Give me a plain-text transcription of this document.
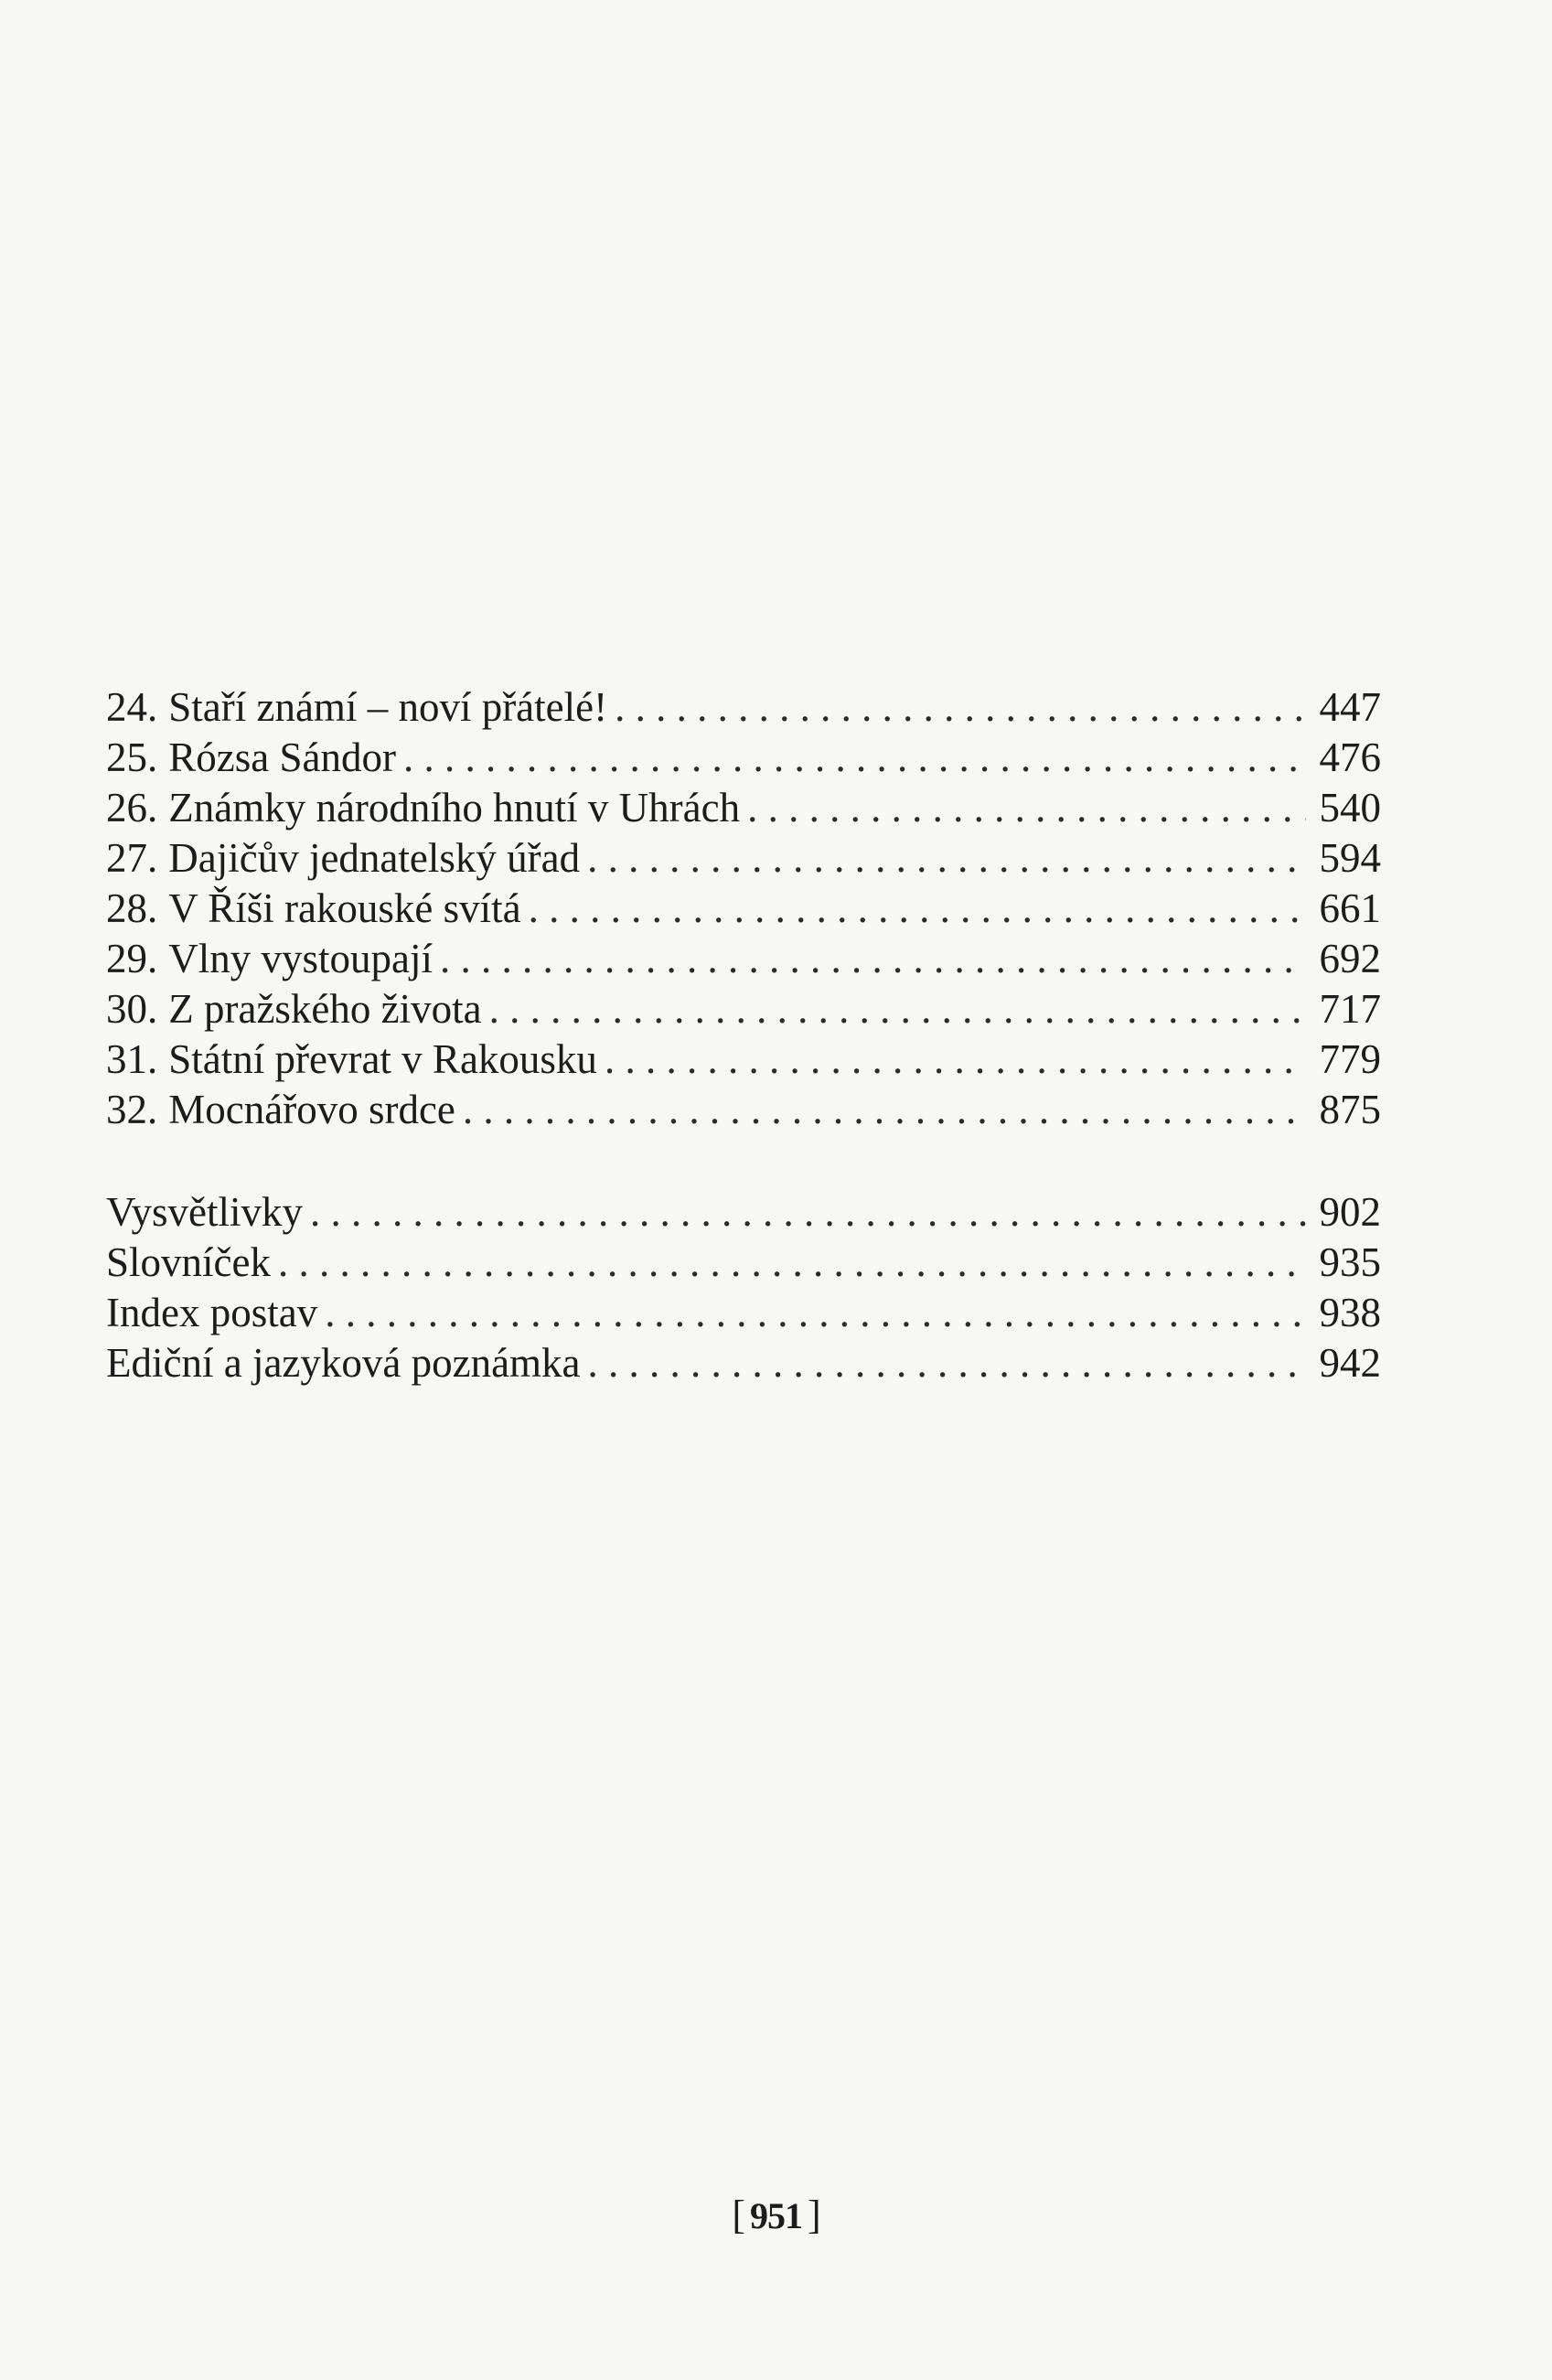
24. Staří známí – noví přátelé! . . .	447
25. Rózsa Sándor . . .	476
26. Známky národního hnutí v Uhrách . . .	540
27. Dajičův jednatelský úřad . . .	594
28. V Říši rakouské svítá . . .	661
29. Vlny vystoupají . . .	692
30. Z pražského života . . .	717
31. Státní převrat v Rakousku . . .	779
32. Mocnářovo srdce . . .	875
Vysvětlivky . . .	902
Slovníček . . .	935
Index postav . . .	938
Ediční a jazyková poznámka . . .	942
[ 951 ]
